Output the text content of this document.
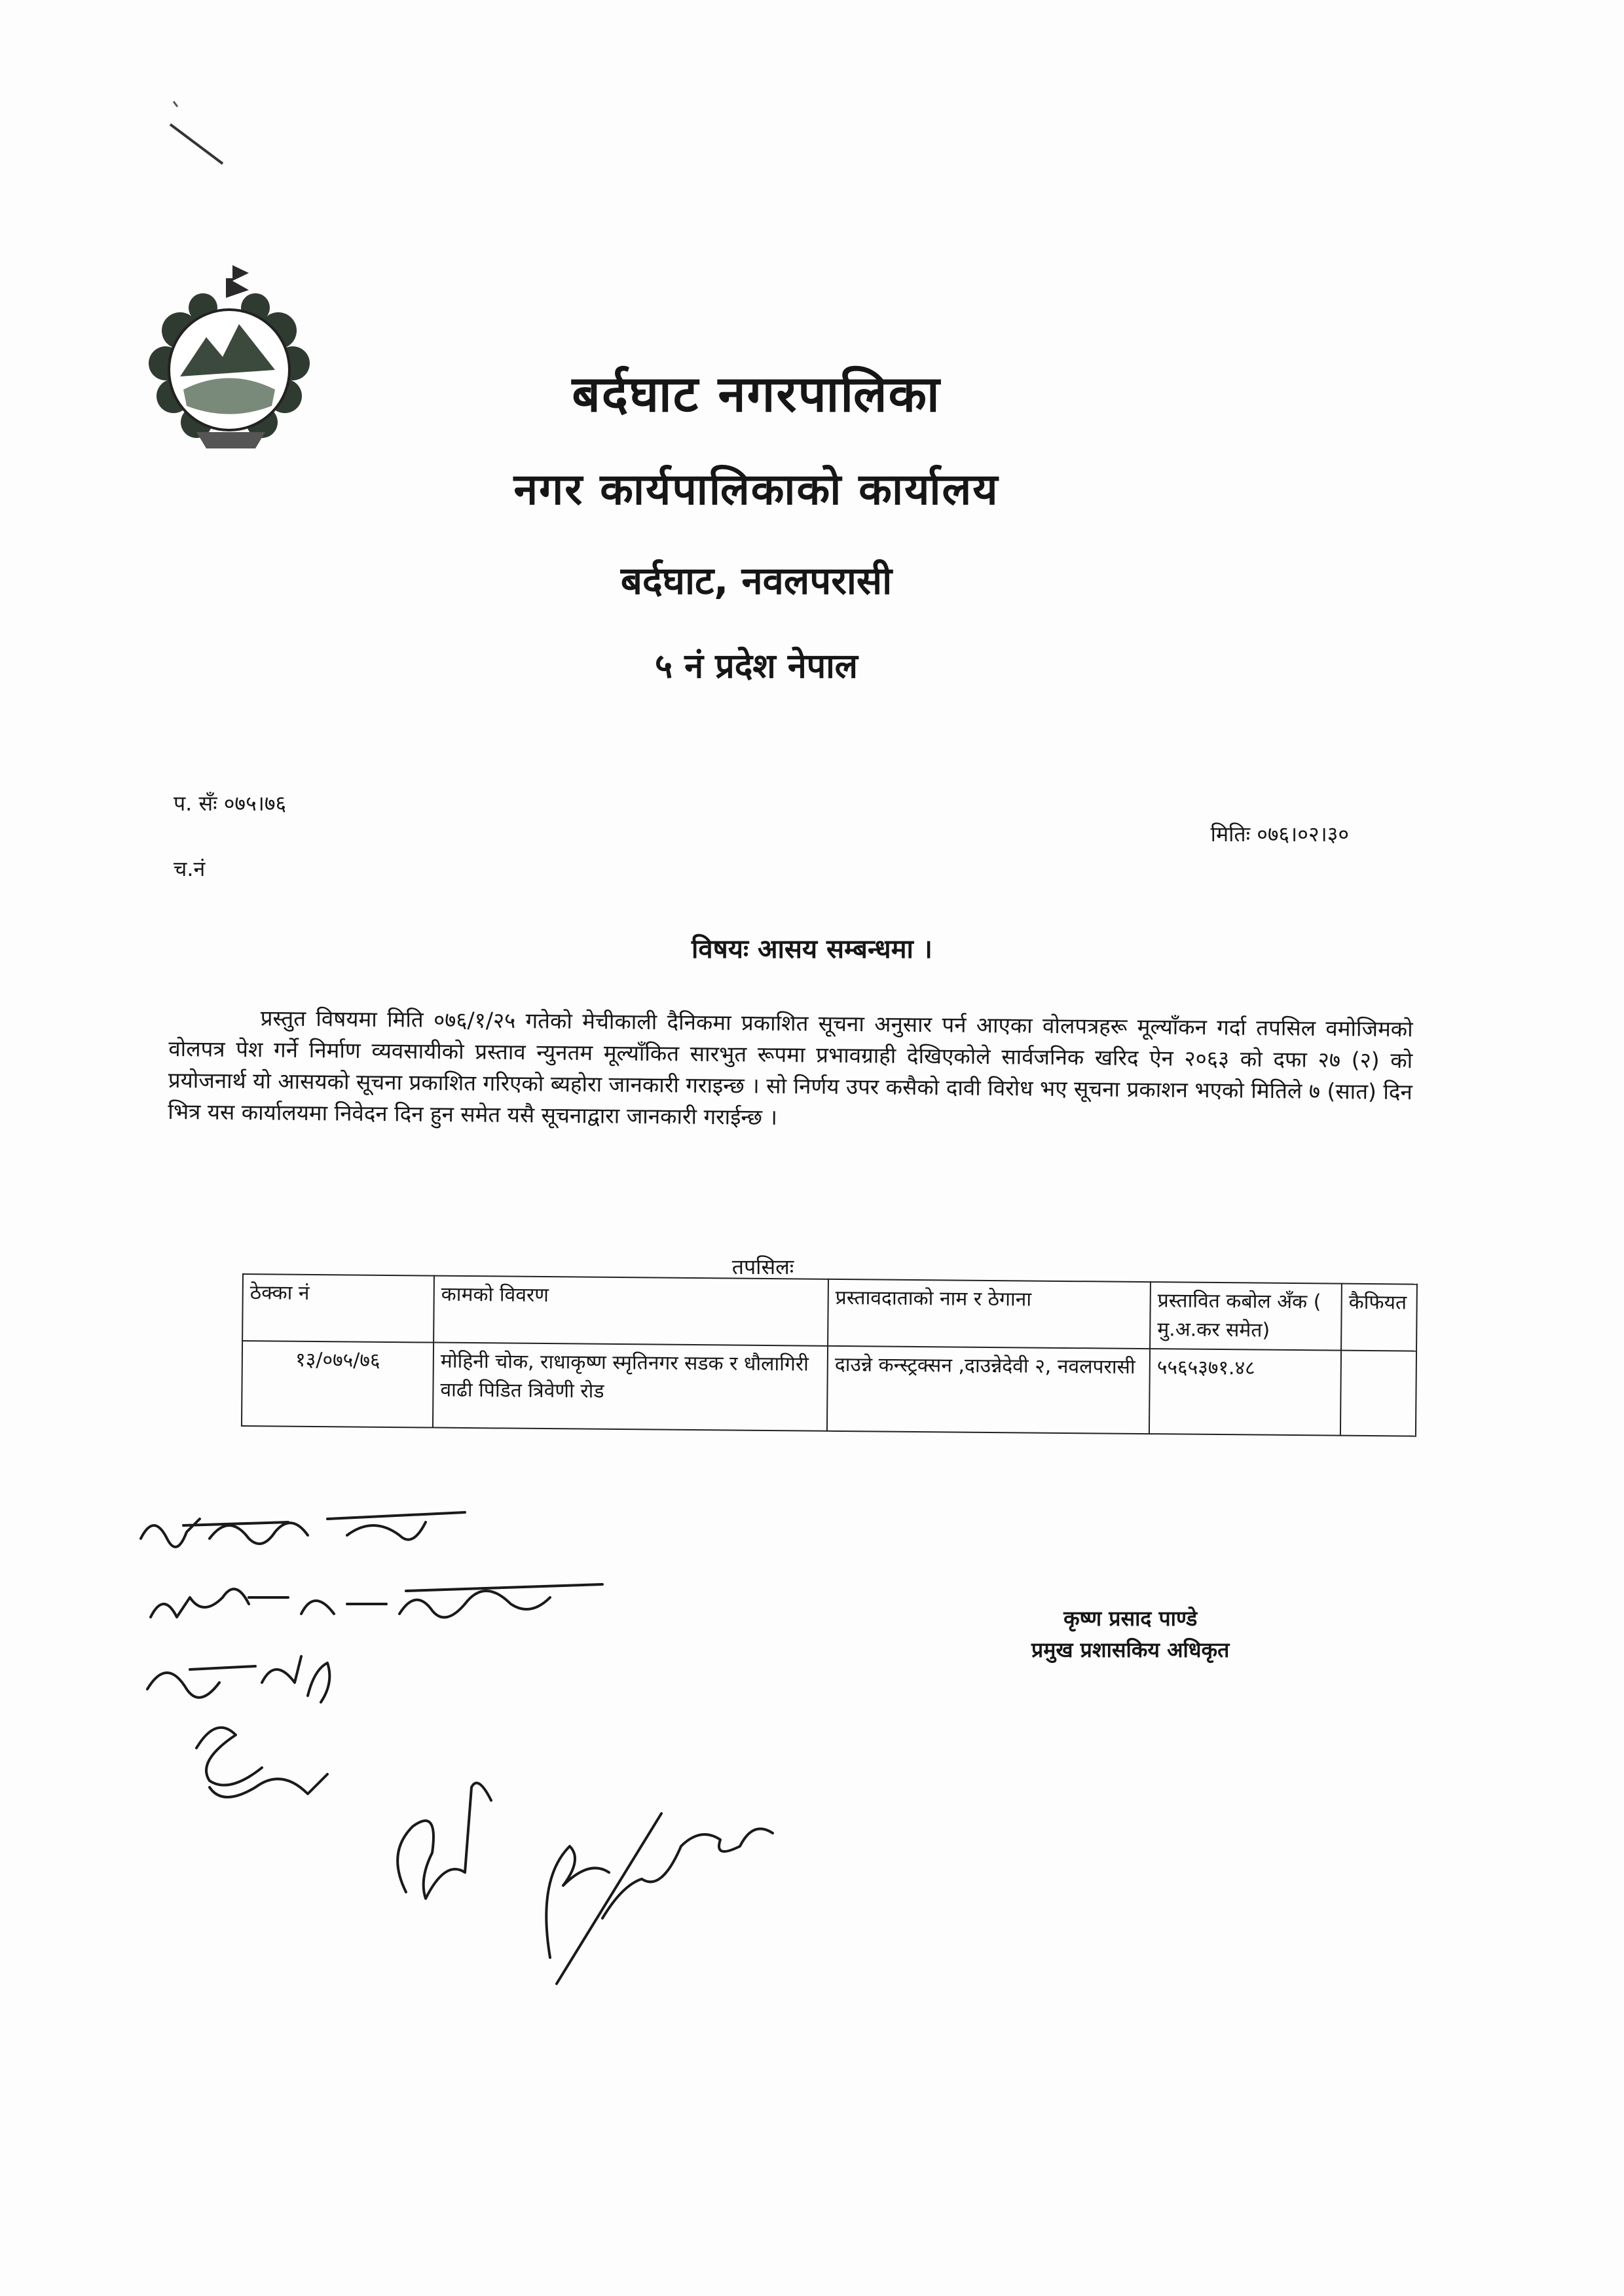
बर्दघाट नगरपालिका
नगर कार्यपालिकाको कार्यालय
बर्दघाट, नवलपरासी
५ नं प्रदेश नेपाल
प. सँः ०७५।७६
च.नं
मितिः ०७६।०२।३०
विषयः आसय सम्बन्धमा ।
प्रस्तुत विषयमा मिति ०७६/१/२५ गतेको मेचीकाली दैनिकमा प्रकाशित सूचना अनुसार पर्न आएका वोलपत्रहरू मूल्याँकन गर्दा तपसिल वमोजिमको वोलपत्र पेश गर्ने निर्माण व्यवसायीको प्रस्ताव न्युनतम मूल्याँकित सारभुत रूपमा प्रभावग्राही देखिएकोले सार्वजनिक खरिद ऐन २०६३ को दफा २७ (२) को प्रयोजनार्थ यो आसयको सूचना प्रकाशित गरिएको ब्यहोरा जानकारी गराइन्छ । सो निर्णय उपर कसैको दावी विरोध भए सूचना प्रकाशन भएको मितिले ७ (सात) दिन भित्र यस कार्यालयमा निवेदन दिन हुन समेत यसै सूचनाद्वारा जानकारी गराईन्छ ।
तपसिलः
ठेक्का नं	कामको विवरण	प्रस्तावदाताको नाम र ठेगाना	प्रस्तावित कबोल अँक ( मु.अ.कर समेत)	कैफियत
१३/०७५/७६	मोहिनी चोक, राधाकृष्ण स्मृतिनगर सडक र धौलागिरी वाढी पिडित त्रिवेणी रोड	दाउन्ने कन्स्ट्रक्सन ,दाउन्नेदेवी २, नवलपरासी	५५६५३७१.४८	
कृष्ण प्रसाद पाण्डे
प्रमुख प्रशासकिय अधिकृत
